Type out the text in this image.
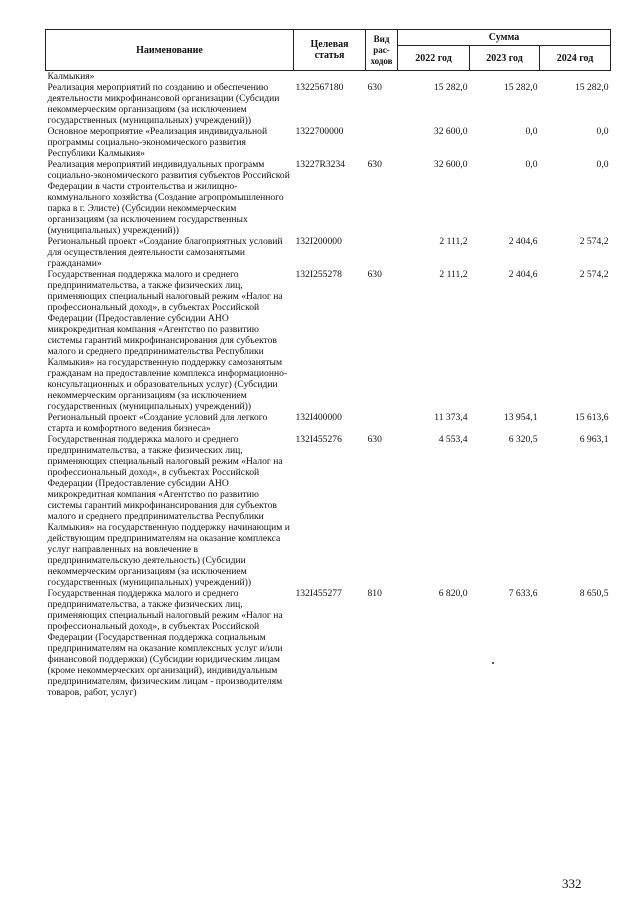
Наименование	Целевая статья	Вид рас-ходов	Сумма		
			2022 год	2023 год	2024 год
Калмыкия»					
Реализация мероприятий по созданию и обеспечению деятельности микрофинансовой организации (Субсидии некоммерческим организациям (за исключением государственных (муниципальных) учреждений))	1322567180	630	15 282,0	15 282,0	15 282,0
Основное мероприятие «Реализация индивидуальной программы социально-экономического развития Республики Калмыкия»	1322700000		32 600,0	0,0	0,0
Реализация мероприятий индивидуальных программ социально-экономического развития субъектов Российской Федерации в части строительства и жилищно-коммунального хозяйства (Создание агропромышленного парка в г. Элисте) (Субсидии некоммерческим организациям (за исключением государственных (муниципальных) учреждений))	13227R3234	630	32 600,0	0,0	0,0
Региональный проект «Создание благоприятных условий для осуществления деятельности самозанятыми гражданами»	132I200000		2 111,2	2 404,6	2 574,2
Государственная поддержка малого и среднего предпринимательства, а также физических лиц, применяющих специальный налоговый режим «Налог на профессиональный доход», в субъектах Российской Федерации (Предоставление субсидии АНО микрокредитная компания «Агентство по развитию системы гарантий микрофинансирования для субъектов малого и среднего предпринимательства Республики Калмыкия» на государственную поддержку самозанятым гражданам на предоставление комплекса информационно-консультационных и образовательных услуг) (Субсидии некоммерческим организациям (за исключением государственных (муниципальных) учреждений))	132I255278	630	2 111,2	2 404,6	2 574,2
Региональный проект «Создание условий для легкого старта и комфортного ведения бизнеса»	132I400000		11 373,4	13 954,1	15 613,6
Государственная поддержка малого и среднего предпринимательства, а также физических лиц, применяющих специальный налоговый режим «Налог на профессиональный доход», в субъектах Российской Федерации (Предоставление субсидии АНО микрокредитная компания «Агентство по развитию системы гарантий микрофинансирования для субъектов малого и среднего предпринимательства Республики Калмыкия» на государственную поддержку начинающим и действующим предпринимателям на оказание комплекса услуг направленных на вовлечение в предпринимательскую деятельность) (Субсидии некоммерческим организациям (за исключением государственных (муниципальных) учреждений))	132I455276	630	4 553,4	6 320,5	6 963,1
Государственная поддержка малого и среднего предпринимательства, а также физических лиц, применяющих специальный налоговый режим «Налог на профессиональный доход», в субъектах Российской Федерации (Государственная поддержка социальным предпринимателям на оказание комплексных услуг и/или финансовой поддержки) (Субсидии юридическим лицам (кроме некоммерческих организаций), индивидуальным предпринимателям, физическим лицам - производителям товаров, работ, услуг)	132I455277	810	6 820,0	7 633,6	8 650,5
332
